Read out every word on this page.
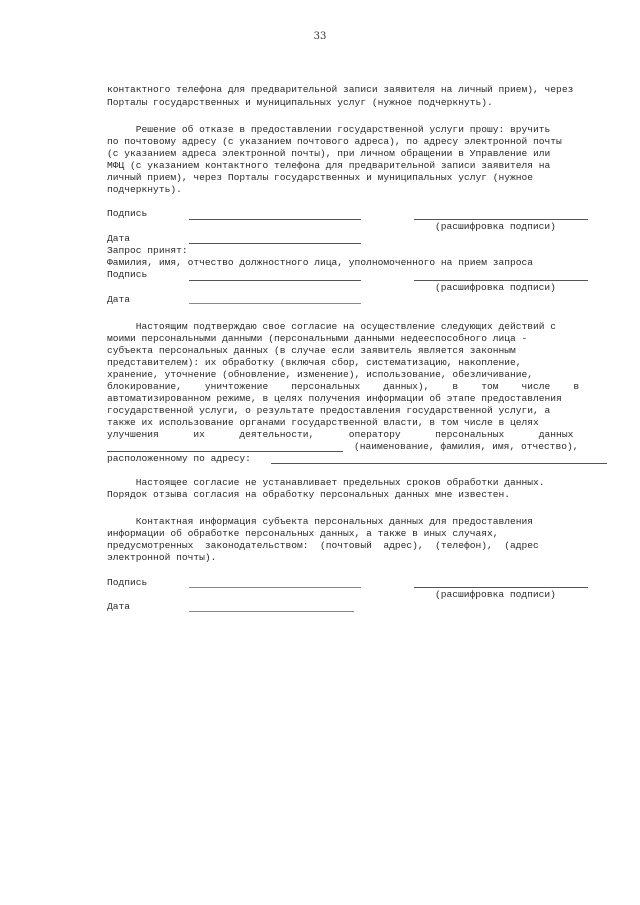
33
контактного телефона для предварительной записи заявителя на личный прием), через
Порталы государственных и муниципальных услуг (нужное подчеркнуть).
Решение об отказе в предоставлении государственной услуги прошу: вручить
по почтовому адресу (с указанием почтового адреса), по адресу электронной почты
(с указанием адреса электронной почты), при личном обращении в Управление или
МФЦ (с указанием контактного телефона для предварительной записи заявителя на
личный прием), через Порталы государственных и муниципальных услуг (нужное
подчеркнуть).
Подпись
(расшифровка подписи)
Дата
Запрос принят:
Фамилия, имя, отчество должностного лица, уполномоченного на прием запроса
Подпись
(расшифровка подписи)
Дата
Настоящим подтверждаю свое согласие на осуществление следующих действий с
моими персональными данными (персональными данными недееспособного лица -
субъекта персональных данных (в случае если заявитель является законным
представителем): их обработку (включая сбор, систематизацию, накопление,
хранение, уточнение (обновление, изменение), использование, обезличивание,
блокирование,    уничтожение    персональных    данных),    в    том    числе    в
автоматизированном режиме, в целях получения информации об этапе предоставления
государственной услуги, о результате предоставления государственной услуги, а
также их использование органами государственной власти, в том числе в целях
улучшения      их      деятельности,      оператору      персональных      данных
(наименование, фамилия, имя, отчество),
расположенному по адресу:
Настоящее согласие не устанавливает предельных сроков обработки данных.
Порядок отзыва согласия на обработку персональных данных мне известен.
Контактная информация субъекта персональных данных для предоставления
информации об обработке персональных данных, а также в иных случаях,
предусмотренных  законодательством:  (почтовый  адрес),  (телефон),  (адрес
электронной почты).
Подпись
(расшифровка подписи)
Дата
